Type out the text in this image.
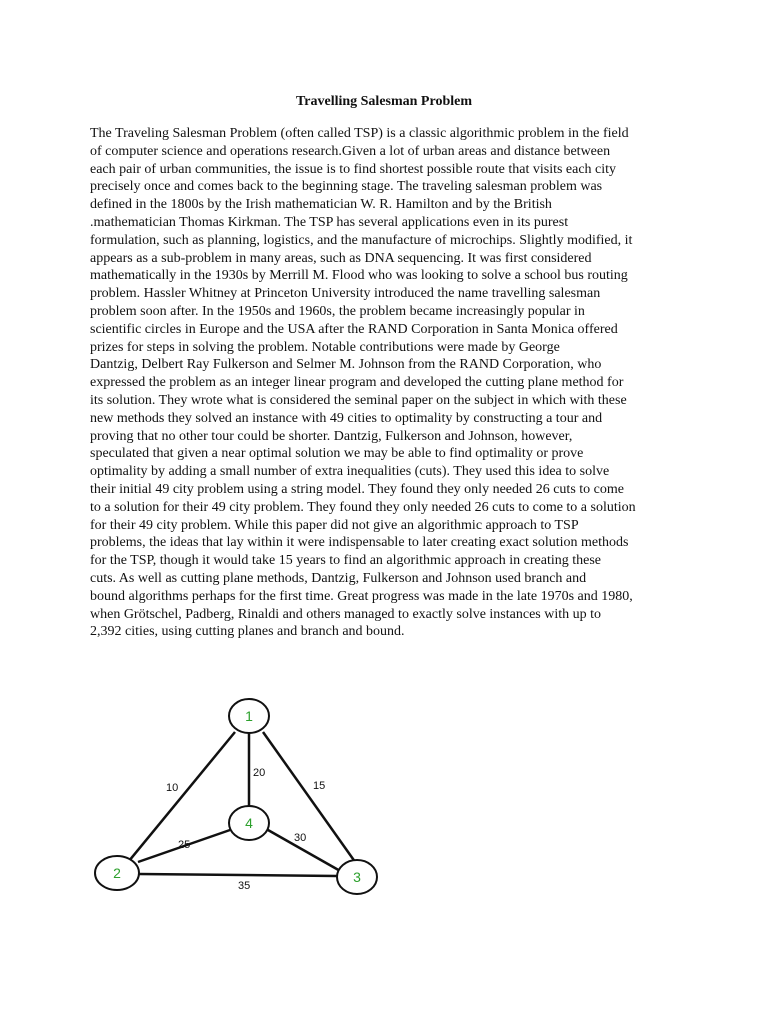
Travelling Salesman Problem
The Traveling Salesman Problem (often called TSP) is a classic algorithmic problem in the field
of computer science and operations research.Given a lot of urban areas and distance between
each pair of urban communities, the issue is to find shortest possible route that visits each city
precisely once and comes back to the beginning stage. The traveling salesman problem was
defined in the 1800s by the Irish mathematician W. R. Hamilton and by the British
.mathematician Thomas Kirkman. The TSP has several applications even in its purest
formulation, such as planning, logistics, and the manufacture of microchips. Slightly modified, it
appears as a sub-problem in many areas, such as DNA sequencing. It was first considered
mathematically in the 1930s by Merrill M. Flood who was looking to solve a school bus routing
problem. Hassler Whitney at Princeton University introduced the name travelling salesman
problem soon after. In the 1950s and 1960s, the problem became increasingly popular in
scientific circles in Europe and the USA after the RAND Corporation in Santa Monica offered
prizes for steps in solving the problem. Notable contributions were made by George
Dantzig, Delbert Ray Fulkerson and Selmer M. Johnson from the RAND Corporation, who
expressed the problem as an integer linear program and developed the cutting plane method for
its solution. They wrote what is considered the seminal paper on the subject in which with these
new methods they solved an instance with 49 cities to optimality by constructing a tour and
proving that no other tour could be shorter. Dantzig, Fulkerson and Johnson, however,
speculated that given a near optimal solution we may be able to find optimality or prove
optimality by adding a small number of extra inequalities (cuts). They used this idea to solve
their initial 49 city problem using a string model. They found they only needed 26 cuts to come
to a solution for their 49 city problem. They found they only needed 26 cuts to come to a solution
for their 49 city problem. While this paper did not give an algorithmic approach to TSP
problems, the ideas that lay within it were indispensable to later creating exact solution methods
for the TSP, though it would take 15 years to find an algorithmic approach in creating these
cuts. As well as cutting plane methods, Dantzig, Fulkerson and Johnson used branch and
bound algorithms perhaps for the first time. Great progress was made in the late 1970s and 1980,
when Grötschel, Padberg, Rinaldi and others managed to exactly solve instances with up to
2,392 cities, using cutting planes and branch and bound.
10
20
15
25
30
35
1
4
2	3
